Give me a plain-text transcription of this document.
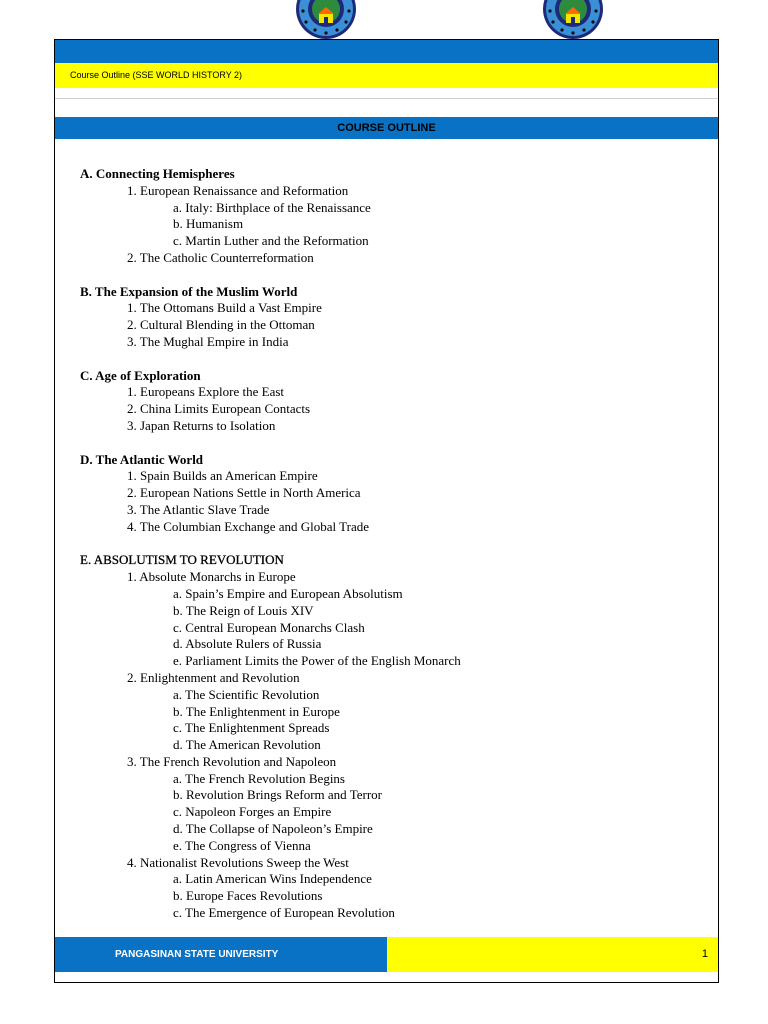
Course Outline (SSE WORLD HISTORY 2)
COURSE OUTLINE
PANGASINAN STATE UNIVERSITY	1
A. Connecting Hemispheres
1. European Renaissance and Reformation
a. Italy: Birthplace of the Renaissance
b. Humanism
c. Martin Luther and the Reformation
2. The Catholic Counterreformation
B. The Expansion of the Muslim World
1. The Ottomans Build a Vast Empire
2. Cultural Blending in the Ottoman
3. The Mughal Empire in India
C. Age of Exploration
1. Europeans Explore the East
2. China Limits European Contacts
3. Japan Returns to Isolation
D. The Atlantic World
1. Spain Builds an American Empire
2. European Nations Settle in North America
3. The Atlantic Slave Trade
4. The Columbian Exchange and Global Trade
E. ABSOLUTISM TO REVOLUTION
1. Absolute Monarchs in Europe
a. Spain’s Empire and European Absolutism
b. The Reign of Louis XIV
c. Central European Monarchs Clash
d. Absolute Rulers of Russia
e. Parliament Limits the Power of the English Monarch
2. Enlightenment and Revolution
a. The Scientific Revolution
b. The Enlightenment in Europe
c. The Enlightenment Spreads
d. The American Revolution
3. The French Revolution and Napoleon
a. The French Revolution Begins
b. Revolution Brings Reform and Terror
c. Napoleon Forges an Empire
d. The Collapse of Napoleon’s Empire
e. The Congress of Vienna
4. Nationalist Revolutions Sweep the West
a. Latin American Wins Independence
b. Europe Faces Revolutions
c. The Emergence of European Revolution
